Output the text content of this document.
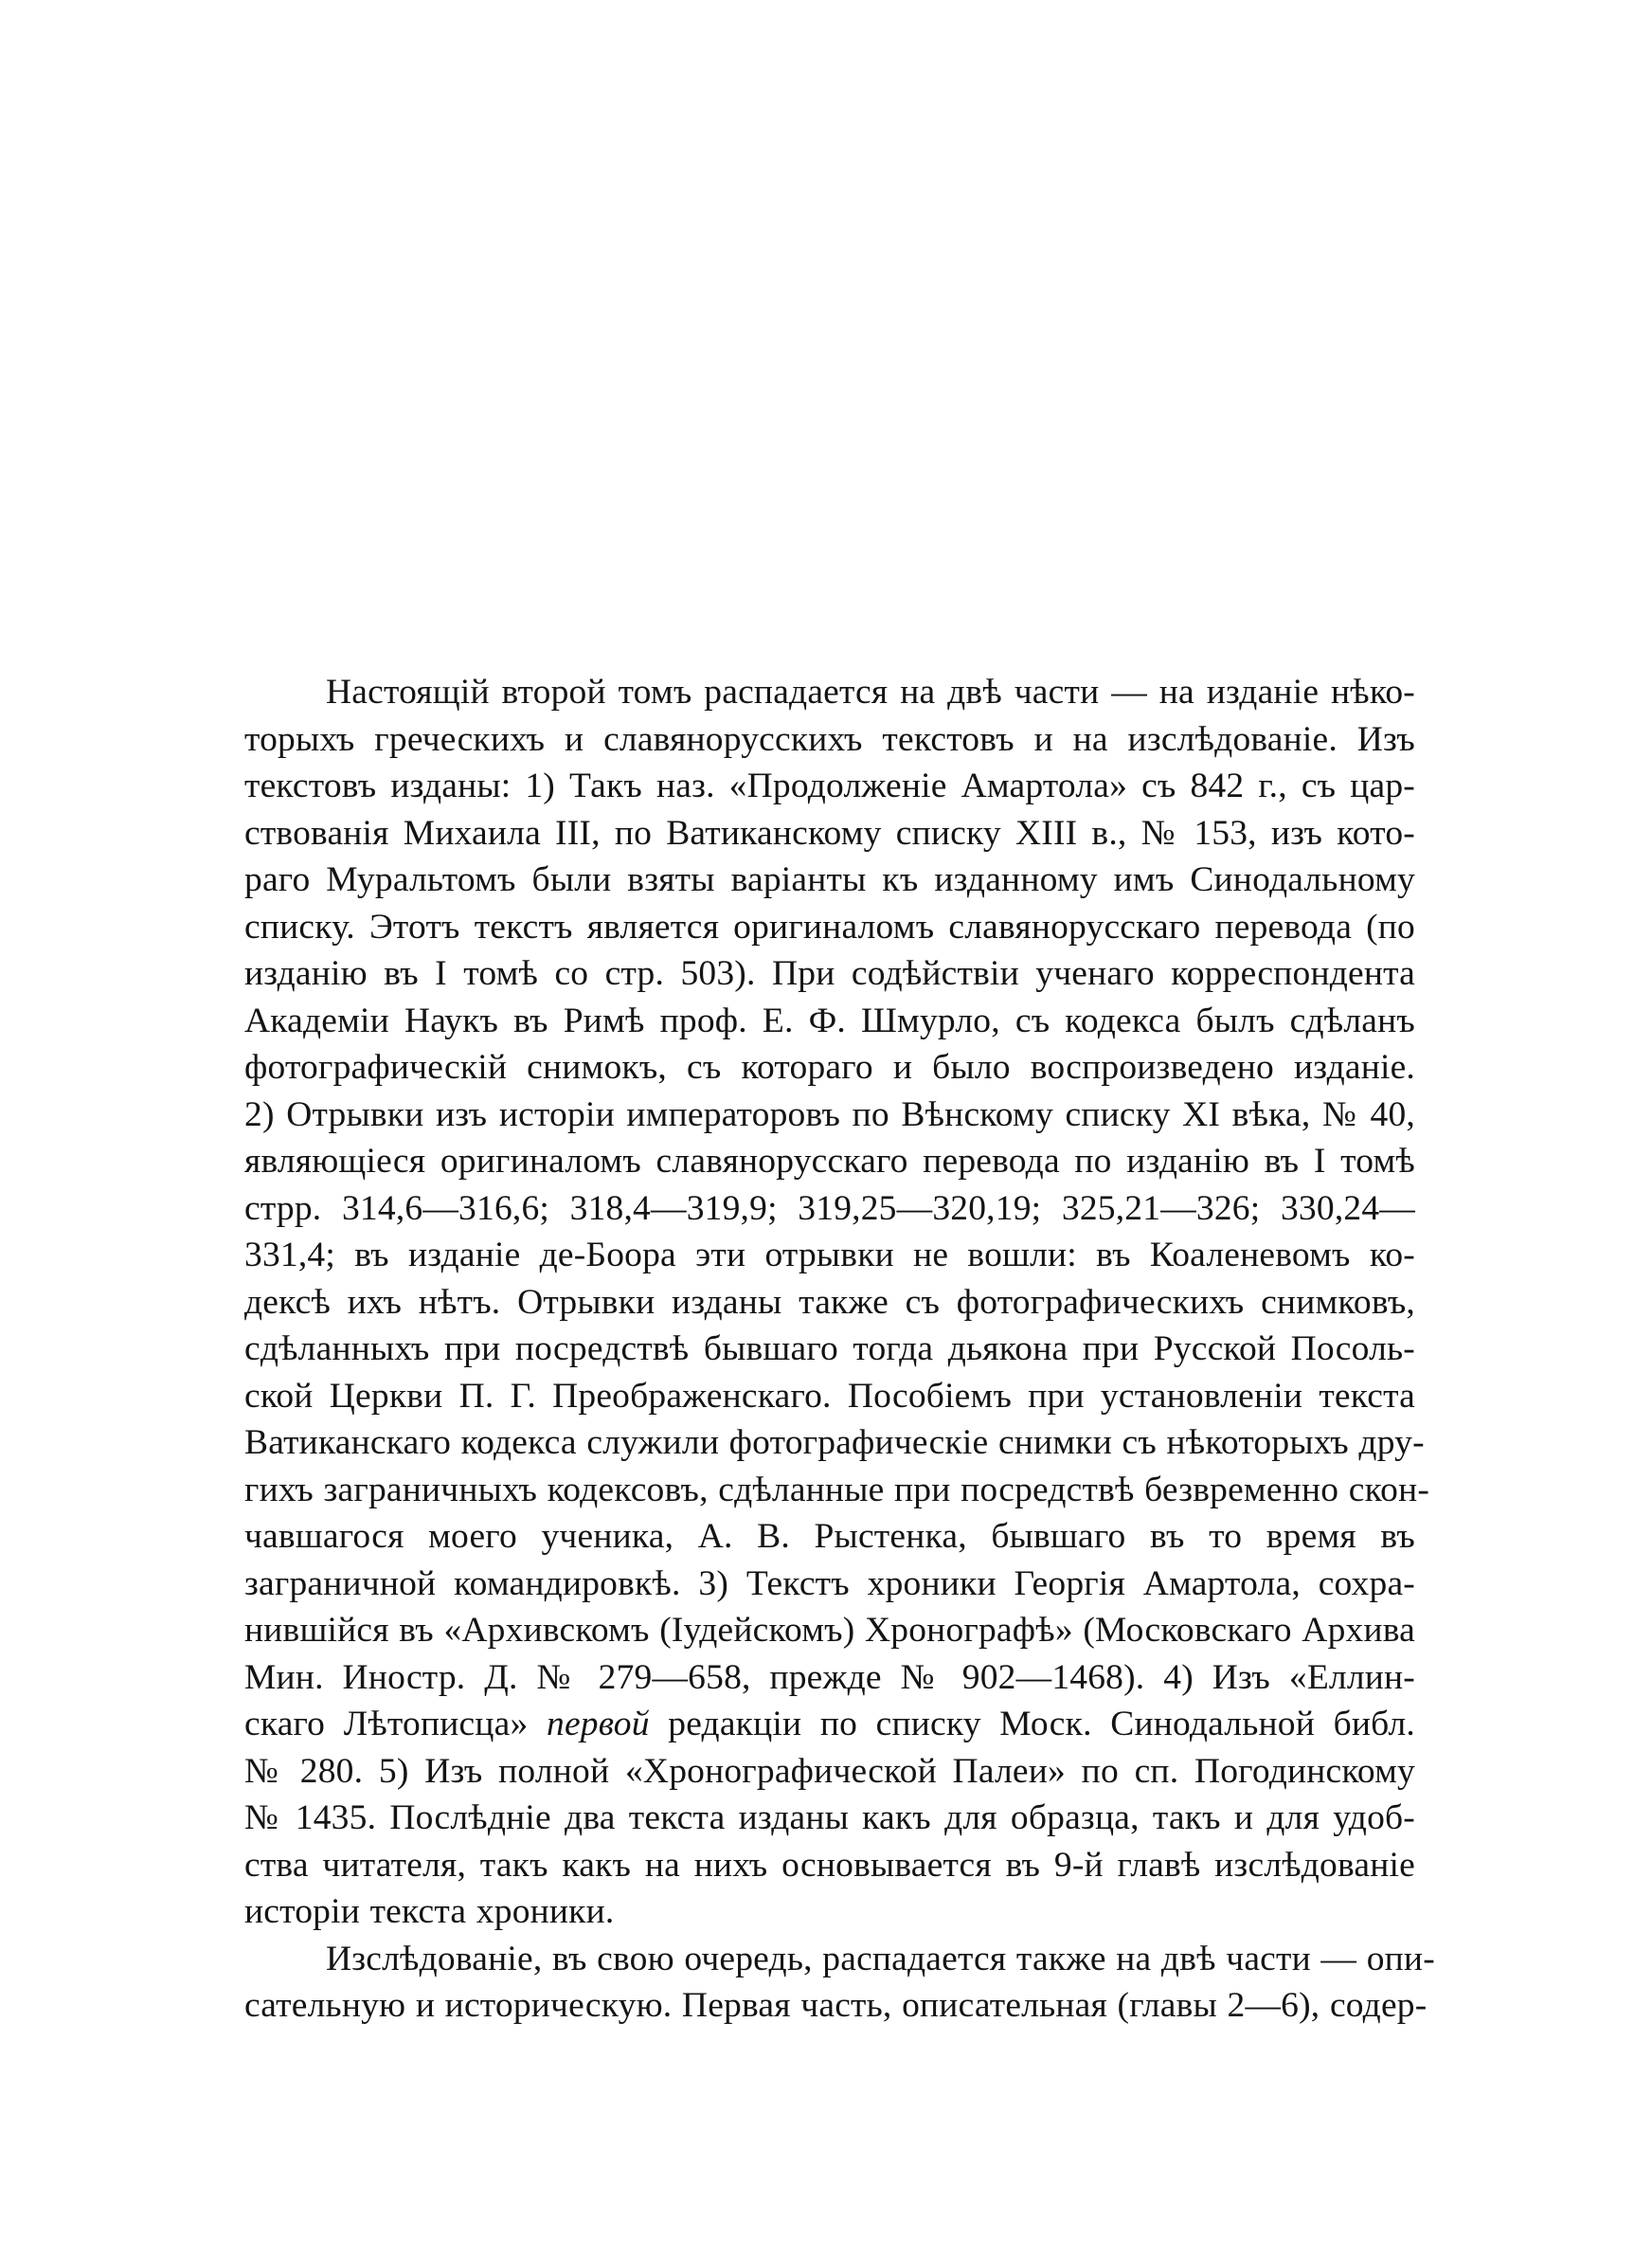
Настоящій второй томъ распадается на двѣ части — на изданіе нѣко-
торыхъ греческихъ и славянорусскихъ текстовъ и на изслѣдованіе. Изъ
текстовъ изданы: 1) Такъ наз. «Продолженіе Амартола» съ 842 г., съ цар-
ствованія Михаила III, по Ватиканскому списку XIII в., № 153, изъ кото-
раго Муральтомъ были взяты варіанты къ изданному имъ Синодальному
списку. Этотъ текстъ является оригиналомъ славянорусскаго перевода (по
изданію въ I томѣ со стр. 503). При содѣйствіи ученаго корреспондента
Академіи Наукъ въ Римѣ проф. Е. Ф. Шмурло, съ кодекса былъ сдѣланъ
фотографическій снимокъ, съ котораго и было воспроизведено изданіе.
2) Отрывки изъ исторіи императоровъ по Вѣнскому списку XI вѣка, № 40,
являющіеся оригиналомъ славянорусскаго перевода по изданію въ I томѣ
стрр. 314,6—316,6; 318,4—319,9; 319,25—320,19; 325,21—326; 330,24—
331,4; въ изданіе де-Боора эти отрывки не вошли: въ Коаленевомъ ко-
дексѣ ихъ нѣтъ. Отрывки изданы также съ фотографическихъ снимковъ,
сдѣланныхъ при посредствѣ бывшаго тогда дьякона при Русской Посоль-
ской Церкви П. Г. Преображенскаго. Пособіемъ при установленіи текста
Ватиканскаго кодекса служили фотографическіе снимки съ нѣкоторыхъ дру-
гихъ заграничныхъ кодексовъ, сдѣланные при посредствѣ безвременно скон-
чавшагося моего ученика, А. В. Рыстенка, бывшаго въ то время въ
заграничной командировкѣ. 3) Текстъ хроники Георгія Амартола, сохра-
нившійся въ «Архивскомъ (Іудейскомъ) Хронографѣ» (Московскаго Архива
Мин. Иностр. Д. № 279—658, прежде № 902—1468). 4) Изъ «Еллин-
скаго Лѣтописца» первой редакціи по списку Моск. Синодальной библ.
№ 280. 5) Изъ полной «Хронографической Палеи» по сп. Погодинскому
№ 1435. Послѣдніе два текста изданы какъ для образца, такъ и для удоб-
ства читателя, такъ какъ на нихъ основывается въ 9-й главѣ изслѣдованіе
исторіи текста хроники.
Изслѣдованіе, въ свою очередь, распадается также на двѣ части — опи-
сательную и историческую. Первая часть, описательная (главы 2—6), содер-
